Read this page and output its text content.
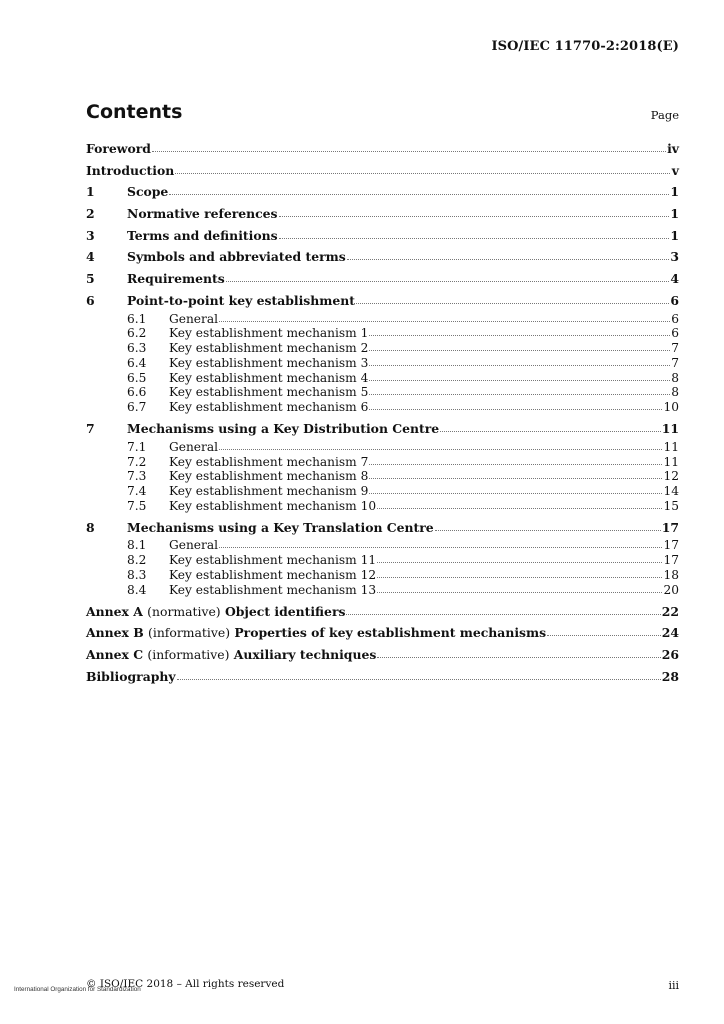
ISO/IEC 11770-2:2018(E)
Contents	Page
Foreword	iv
Introduction	v
1	Scope	1
2	Normative references	1
3	Terms and definitions	1
4	Symbols and abbreviated terms	3
5	Requirements	4
6	Point-to-point key establishment	6
6.1	General	6
6.2	Key establishment mechanism 1	6
6.3	Key establishment mechanism 2	7
6.4	Key establishment mechanism 3	7
6.5	Key establishment mechanism 4	8
6.6	Key establishment mechanism 5	8
6.7	Key establishment mechanism 6	10
7	Mechanisms using a Key Distribution Centre	11
7.1	General	11
7.2	Key establishment mechanism 7	11
7.3	Key establishment mechanism 8	12
7.4	Key establishment mechanism 9	14
7.5	Key establishment mechanism 10	15
8	Mechanisms using a Key Translation Centre	17
8.1	General	17
8.2	Key establishment mechanism 11	17
8.3	Key establishment mechanism 12	18
8.4	Key establishment mechanism 13	20
Annex A (normative) Object identifiers	22
Annex B (informative) Properties of key establishment mechanisms	24
Annex C (informative) Auxiliary techniques	26
Bibliography	28
© ISO/IEC 2018 – All rights reserved
International Organization for Standardization	iii
